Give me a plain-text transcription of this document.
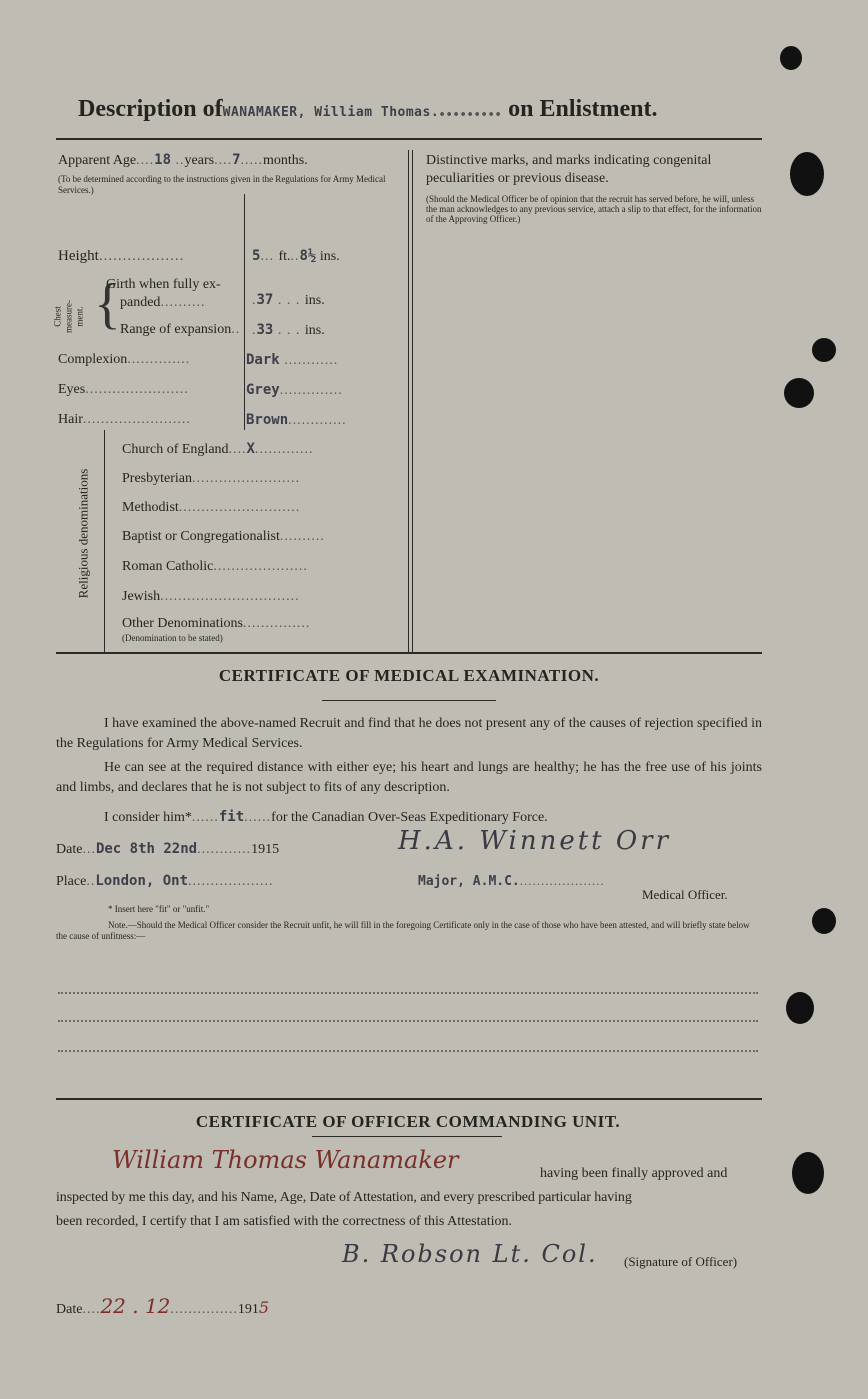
Description ofWANAMAKER, William Thomas.......... on Enlistment.
Apparent Age....18 ..years....7.....months.
(To be determined according to the instructions given in the Regulations for Army Medical Services.)
Height..................	5... ft...8½ ins.
Chest measure-ment. {
Girth when fully ex-
panded..........	.37 . . . ins.
Range of expansion.. .33 . . . ins.
Complexion..............	Dark ............
Eyes.......................	Grey..............
Hair........................	Brown.............
Religious denominations
Church of England....X.............
Presbyterian........................
Methodist...........................
Baptist or Congregationalist..........
Roman Catholic.....................
Jewish...............................
Other Denominations...............
(Denomination to be stated)
Distinctive marks, and marks indicating congenital peculiarities or previous disease.
(Should the Medical Officer be of opinion that the recruit has served before, he will, unless the man acknowledges to any previous service, attach a slip to that effect, for the information of the Approving Officer.)
CERTIFICATE OF MEDICAL EXAMINATION.
I have examined the above-named Recruit and find that he does not present any of the causes of rejection specified in the Regulations for Army Medical Services.
He can see at the required distance with either eye; his heart and lungs are healthy; he has the free use of his joints and limbs, and declares that he is not subject to fits of any description.
I consider him*......fit......for the Canadian Over-Seas Expeditionary Force.
Date...Dec 8th 22nd............1915	H.A. Winnett Orr
Place..London, Ont...................	Major, A.M.C.....................
Medical Officer.
* Insert here "fit" or "unfit."
Note.—Should the Medical Officer consider the Recruit unfit, he will fill in the foregoing Certificate only in the case of those who have been attested, and will briefly state below the cause of unfitness:—
CERTIFICATE OF OFFICER COMMANDING UNIT.
William Thomas Wanamaker	having been finally approved and
inspected by me this day, and his Name, Age, Date of Attestation, and every prescribed particular having
been recorded, I certify that I am satisfied with the correctness of this Attestation.
B. Robson Lt. Col. (Signature of Officer)
Date....22 . 12...............1915
